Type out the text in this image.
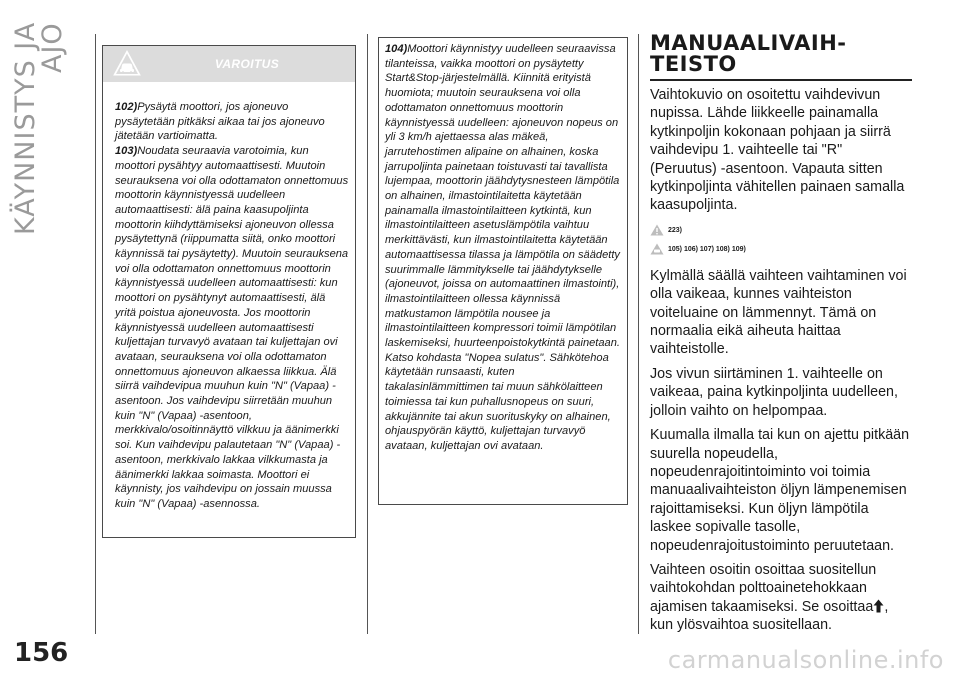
KÄYNNISTYS JA AJO	VAROITUS

102)Pysäytä moottori, jos ajoneuvo pysäytetään pitkäksi aikaa tai jos ajoneuvo jätetään vartioimatta.

103)Noudata seuraavia varotoimia, kun moottori pysähtyy automaattisesti. Muutoin seurauksena voi olla odottamaton onnettomuus moottorin käynnistyessä uudelleen automaattisesti: älä paina kaasupoljinta moottorin kiihdyttämiseksi ajoneuvon ollessa pysäytettynä (riippumatta siitä, onko moottori käynnissä tai pysäytetty). Muutoin seurauksena voi olla odottamaton onnettomuus moottorin käynnistyessä uudelleen automaattisesti: kun moottori on pysähtynyt automaattisesti, älä yritä poistua ajoneuvosta. Jos moottorin käynnistyessä uudelleen automaattisesti kuljettajan turvavyö avataan tai kuljettajan ovi avataan, seurauksena voi olla odottamaton onnettomuus ajoneuvon alkaessa liikkua. Älä siirrä vaihdevipua muuhun kuin "N" (Vapaa) -asentoon. Jos vaihdevipu siirretään muuhun kuin "N" (Vapaa) -asentoon, merkkivalo/osoitinnäyttö vilkkuu ja äänimerkki soi. Kun vaihdevipu palautetaan "N" (Vapaa) -asentoon, merkkivalo lakkaa vilkkumasta ja äänimerkki lakkaa soimasta. Moottori ei käynnisty, jos vaihdevipu on jossain muussa kuin "N" (Vapaa) -asennossa.

104)Moottori käynnistyy uudelleen seuraavissa tilanteissa, vaikka moottori on pysäytetty Start&Stop-järjestelmällä. Kiinnitä erityistä huomiota; muutoin seurauksena voi olla odottamaton onnettomuus moottorin käynnistyessä uudelleen: ajoneuvon nopeus on yli 3 km/h ajettaessa alas mäkeä, jarrutehostimen alipaine on alhainen, koska jarrupoljinta painetaan toistuvasti tai tavallista lujempaa, moottorin jäähdytysnesteen lämpötila on alhainen, ilmastointilaitetta käytetään painamalla ilmastointilaitteen kytkintä, kun ilmastointilaitteen asetuslämpötila vaihtuu merkittävästi, kun ilmastointilaitetta käytetään automaattisessa tilassa ja lämpötila on säädetty suurimmalle lämmitykselle tai jäähdytykselle (ajoneuvot, joissa on automaattinen ilmastointi), ilmastointilaitteen ollessa käynnissä matkustamon lämpötila nousee ja ilmastointilaitteen kompressori toimii lämpötilan laskemiseksi, huurteenpoistokytkintä painetaan. Katso kohdasta "Nopea sulatus". Sähkötehoa käytetään runsaasti, kuten takalasinlämmittimen tai muun sähkölaitteen toimiessa tai kun puhallusnopeus on suuri, akkujännite tai akun suorituskyky on alhainen, ohjauspyörän käyttö, kuljettajan turvavyö avataan, kuljettajan ovi avataan.

MANUAALIVAIH-
TEISTO

Vaihtokuvio on osoitettu vaihdevivun nupissa. Lähde liikkeelle painamalla kytkinpoljin kokonaan pohjaan ja siirrä vaihdevipu 1. vaihteelle tai "R" (Peruutus) -asentoon. Vapauta sitten kytkinpoljinta vähitellen painaen samalla kaasupoljinta.

223)
105) 106) 107) 108) 109)

Kylmällä säällä vaihteen vaihtaminen voi olla vaikeaa, kunnes vaihteiston voiteluaine on lämmennyt. Tämä on normaalia eikä aiheuta haittaa vaihteistolle.

Jos vivun siirtäminen 1. vaihteelle on vaikeaa, paina kytkinpoljinta uudelleen, jolloin vaihto on helpompaa.

Kuumalla ilmalla tai kun on ajettu pitkään suurella nopeudella, nopeudenrajoitintoiminto voi toimia manuaalivaihteiston öljyn lämpenemisen rajoittamiseksi. Kun öljyn lämpötila laskee sopivalle tasolle, nopeudenrajoitustoiminto peruutetaan.

Vaihteen osoitin osoittaa suositellun vaihtokohdan polttoainetehokkaan ajamisen takaamiseksi. Se osoittaa , kun ylösvaihtoa suositellaan.

156	carmanualsonline.info
